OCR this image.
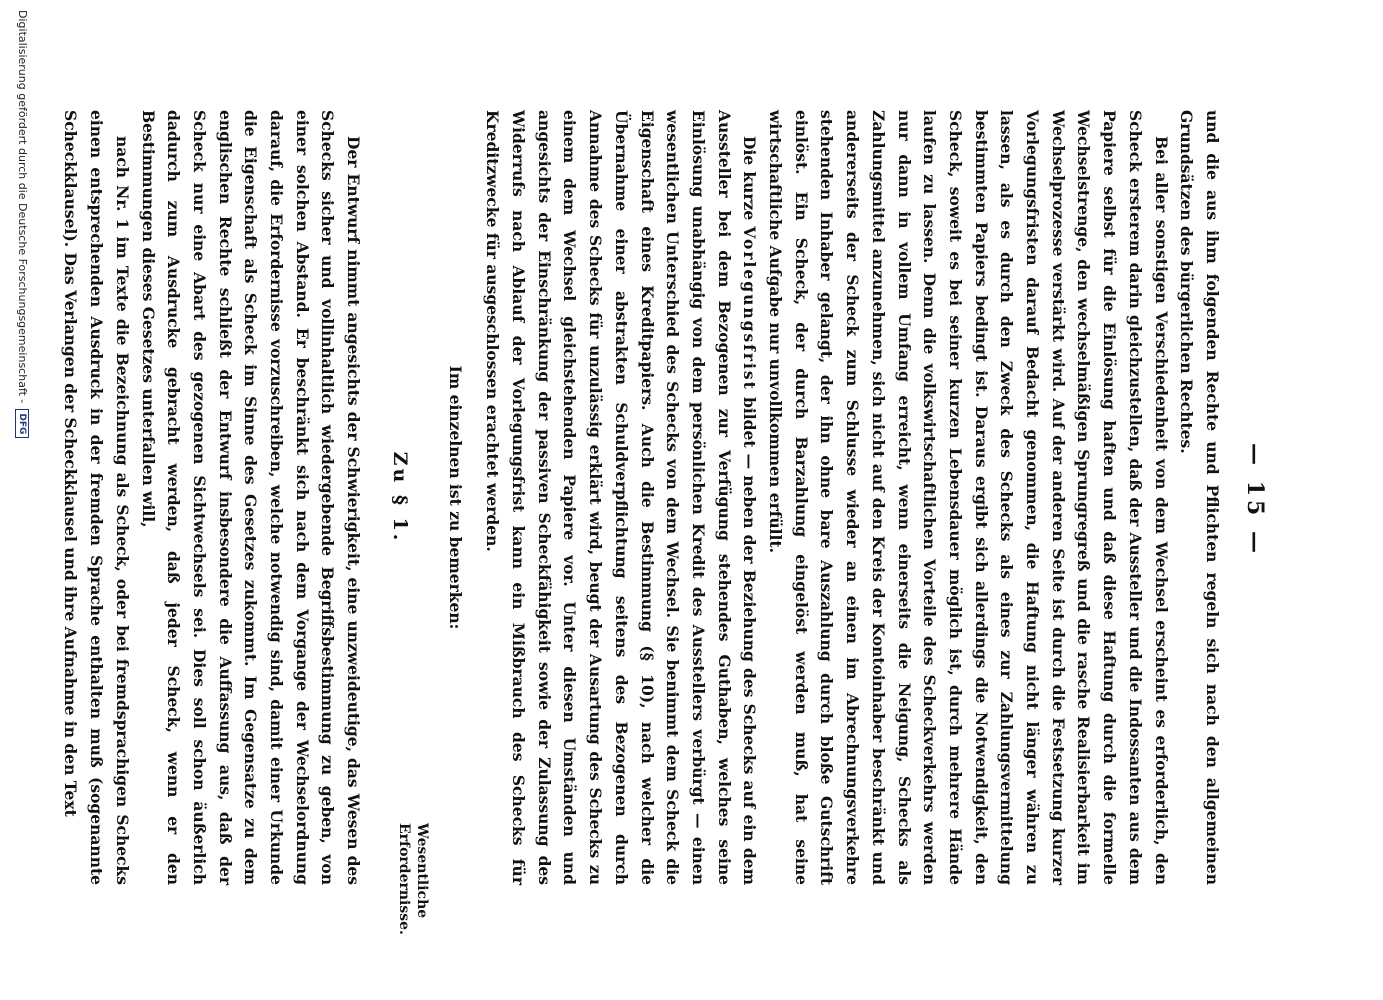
— 15 —

und die aus ihm folgenden Rechte und Pflichten regeln sich nach den allgemeinen Grundsätzen des bürgerlichen Rechtes.

Bei aller sonstigen Verschiedenheit von dem Wechsel erscheint es erforderlich, den Scheck ersterem darin gleichzustellen, daß der Aussteller und die Indossanten aus dem Papiere selbst für die Einlösung haften und daß diese Haftung durch die formelle Wechselstrenge, den wechselmäßigen Sprungregreß und die rasche Realisierbarkeit im Wechselprozesse verstärkt wird. Auf der anderen Seite ist durch die Festsetzung kurzer Vorlegungsfristen darauf Bedacht genommen, die Haftung nicht länger währen zu lassen, als es durch den Zweck des Schecks als eines zur Zahlungsvermittelung bestimmten Papiers bedingt ist. Daraus ergibt sich allerdings die Notwendigkeit, den Scheck, soweit es bei seiner kurzen Lebensdauer möglich ist, durch mehrere Hände laufen zu lassen. Denn die volkswirtschaftlichen Vorteile des Scheckverkehrs werden nur dann in vollem Umfang erreicht, wenn einerseits die Neigung, Schecks als Zahlungsmittel anzunehmen, sich nicht auf den Kreis der Kontoinhaber beschränkt und andererseits der Scheck zum Schlusse wieder an einen im Abrechnungsverkehre stehenden Inhaber gelangt, der ihn ohne bare Auszahlung durch bloße Gutschrift einlöst. Ein Scheck, der durch Barzahlung eingelöst werden muß, hat seine wirtschaftliche Aufgabe nur unvollkommen erfüllt.

Die kurze Vorlegungsfrist bildet — neben der Beziehung des Schecks auf ein dem Aussteller bei dem Bezogenen zur Verfügung stehendes Guthaben, welches seine Einlösung unabhängig von dem persönlichen Kredit des Ausstellers verbürgt — einen wesentlichen Unterschied des Schecks von dem Wechsel. Sie benimmt dem Scheck die Eigenschaft eines Kreditpapiers. Auch die Bestimmung (§ 10), nach welcher die Übernahme einer abstrakten Schuldverpflichtung seitens des Bezogenen durch Annahme des Schecks für unzulässig erklärt wird, beugt der Ausartung des Schecks zu einem dem Wechsel gleichstehenden Papiere vor. Unter diesen Umständen und angesichts der Einschränkung der passiven Scheckfähigkeit sowie der Zulassung des Widerrufs nach Ablauf der Vorlegungsfrist kann ein Mißbrauch des Schecks für Kreditzwecke für ausgeschlossen erachtet werden.

Im einzelnen ist zu bemerken:

Zu § 1.

Der Entwurf nimmt angesichts der Schwierigkeit, eine unzweideutige, das Wesen des Schecks sicher und vollinhaltlich wiedergebende Begriffsbestimmung zu geben, von einer solchen Abstand. Er beschränkt sich nach dem Vorgange der Wechselordnung darauf, die Erfordernisse vorzuschreiben, welche notwendig sind, damit einer Urkunde die Eigenschaft als Scheck im Sinne des Gesetzes zukommt. Im Gegensatze zu dem englischen Rechte schließt der Entwurf insbesondere die Auffassung aus, daß der Scheck nur eine Abart des gezogenen Sichtwechsels sei. Dies soll schon äußerlich dadurch zum Ausdrucke gebracht werden, daß jeder Scheck, wenn er den Bestimmungen dieses Gesetzes unterfallen will,

nach Nr. 1 im Texte die Bezeichnung als Scheck, oder bei fremdsprachigen Schecks einen entsprechenden Ausdruck in der fremden Sprache enthalten muß (sogenannte Scheckklausel). Das Verlangen der Scheckklausel und ihre Aufnahme in den Text

Wesentliche
Erfordernisse.
Digitalisierung gefördert durch die Deutsche Forschungsgemeinschaft -DFG
